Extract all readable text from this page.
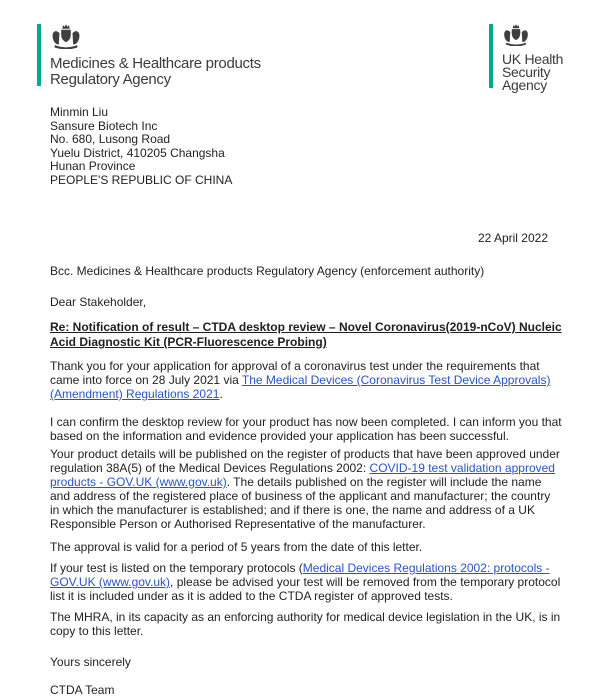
Medicines & Healthcare products
Regulatory Agency
UK Health
Security
Agency
Minmin Liu
Sansure Biotech Inc
No. 680, Lusong Road
Yuelu District, 410205 Changsha
Hunan Province
PEOPLE'S REPUBLIC OF CHINA
22 April 2022
Bcc. Medicines & Healthcare products Regulatory Agency (enforcement authority)
Dear Stakeholder,
Re: Notification of result – CTDA desktop review – Novel Coronavirus(2019-nCoV) Nucleic Acid Diagnostic Kit (PCR-Fluorescence Probing)

Thank you for your application for approval of a coronavirus test under the requirements that came into force on 28 July 2021 via The Medical Devices (Coronavirus Test Device Approvals) (Amendment) Regulations 2021.

I can confirm the desktop review for your product has now been completed. I can inform you that based on the information and evidence provided your application has been successful.

Your product details will be published on the register of products that have been approved under regulation 38A(5) of the Medical Devices Regulations 2002: COVID-19 test validation approved products - GOV.UK (www.gov.uk). The details published on the register will include the name and address of the registered place of business of the applicant and manufacturer; the country in which the manufacturer is established; and if there is one, the name and address of a UK Responsible Person or Authorised Representative of the manufacturer.

The approval is valid for a period of 5 years from the date of this letter.

If your test is listed on the temporary protocols (Medical Devices Regulations 2002: protocols - GOV.UK (www.gov.uk), please be advised your test will be removed from the temporary protocol list it is included under as it is added to the CTDA register of approved tests.

The MHRA, in its capacity as an enforcing authority for medical device legislation in the UK, is in copy to this letter.

Yours sincerely

CTDA Team
